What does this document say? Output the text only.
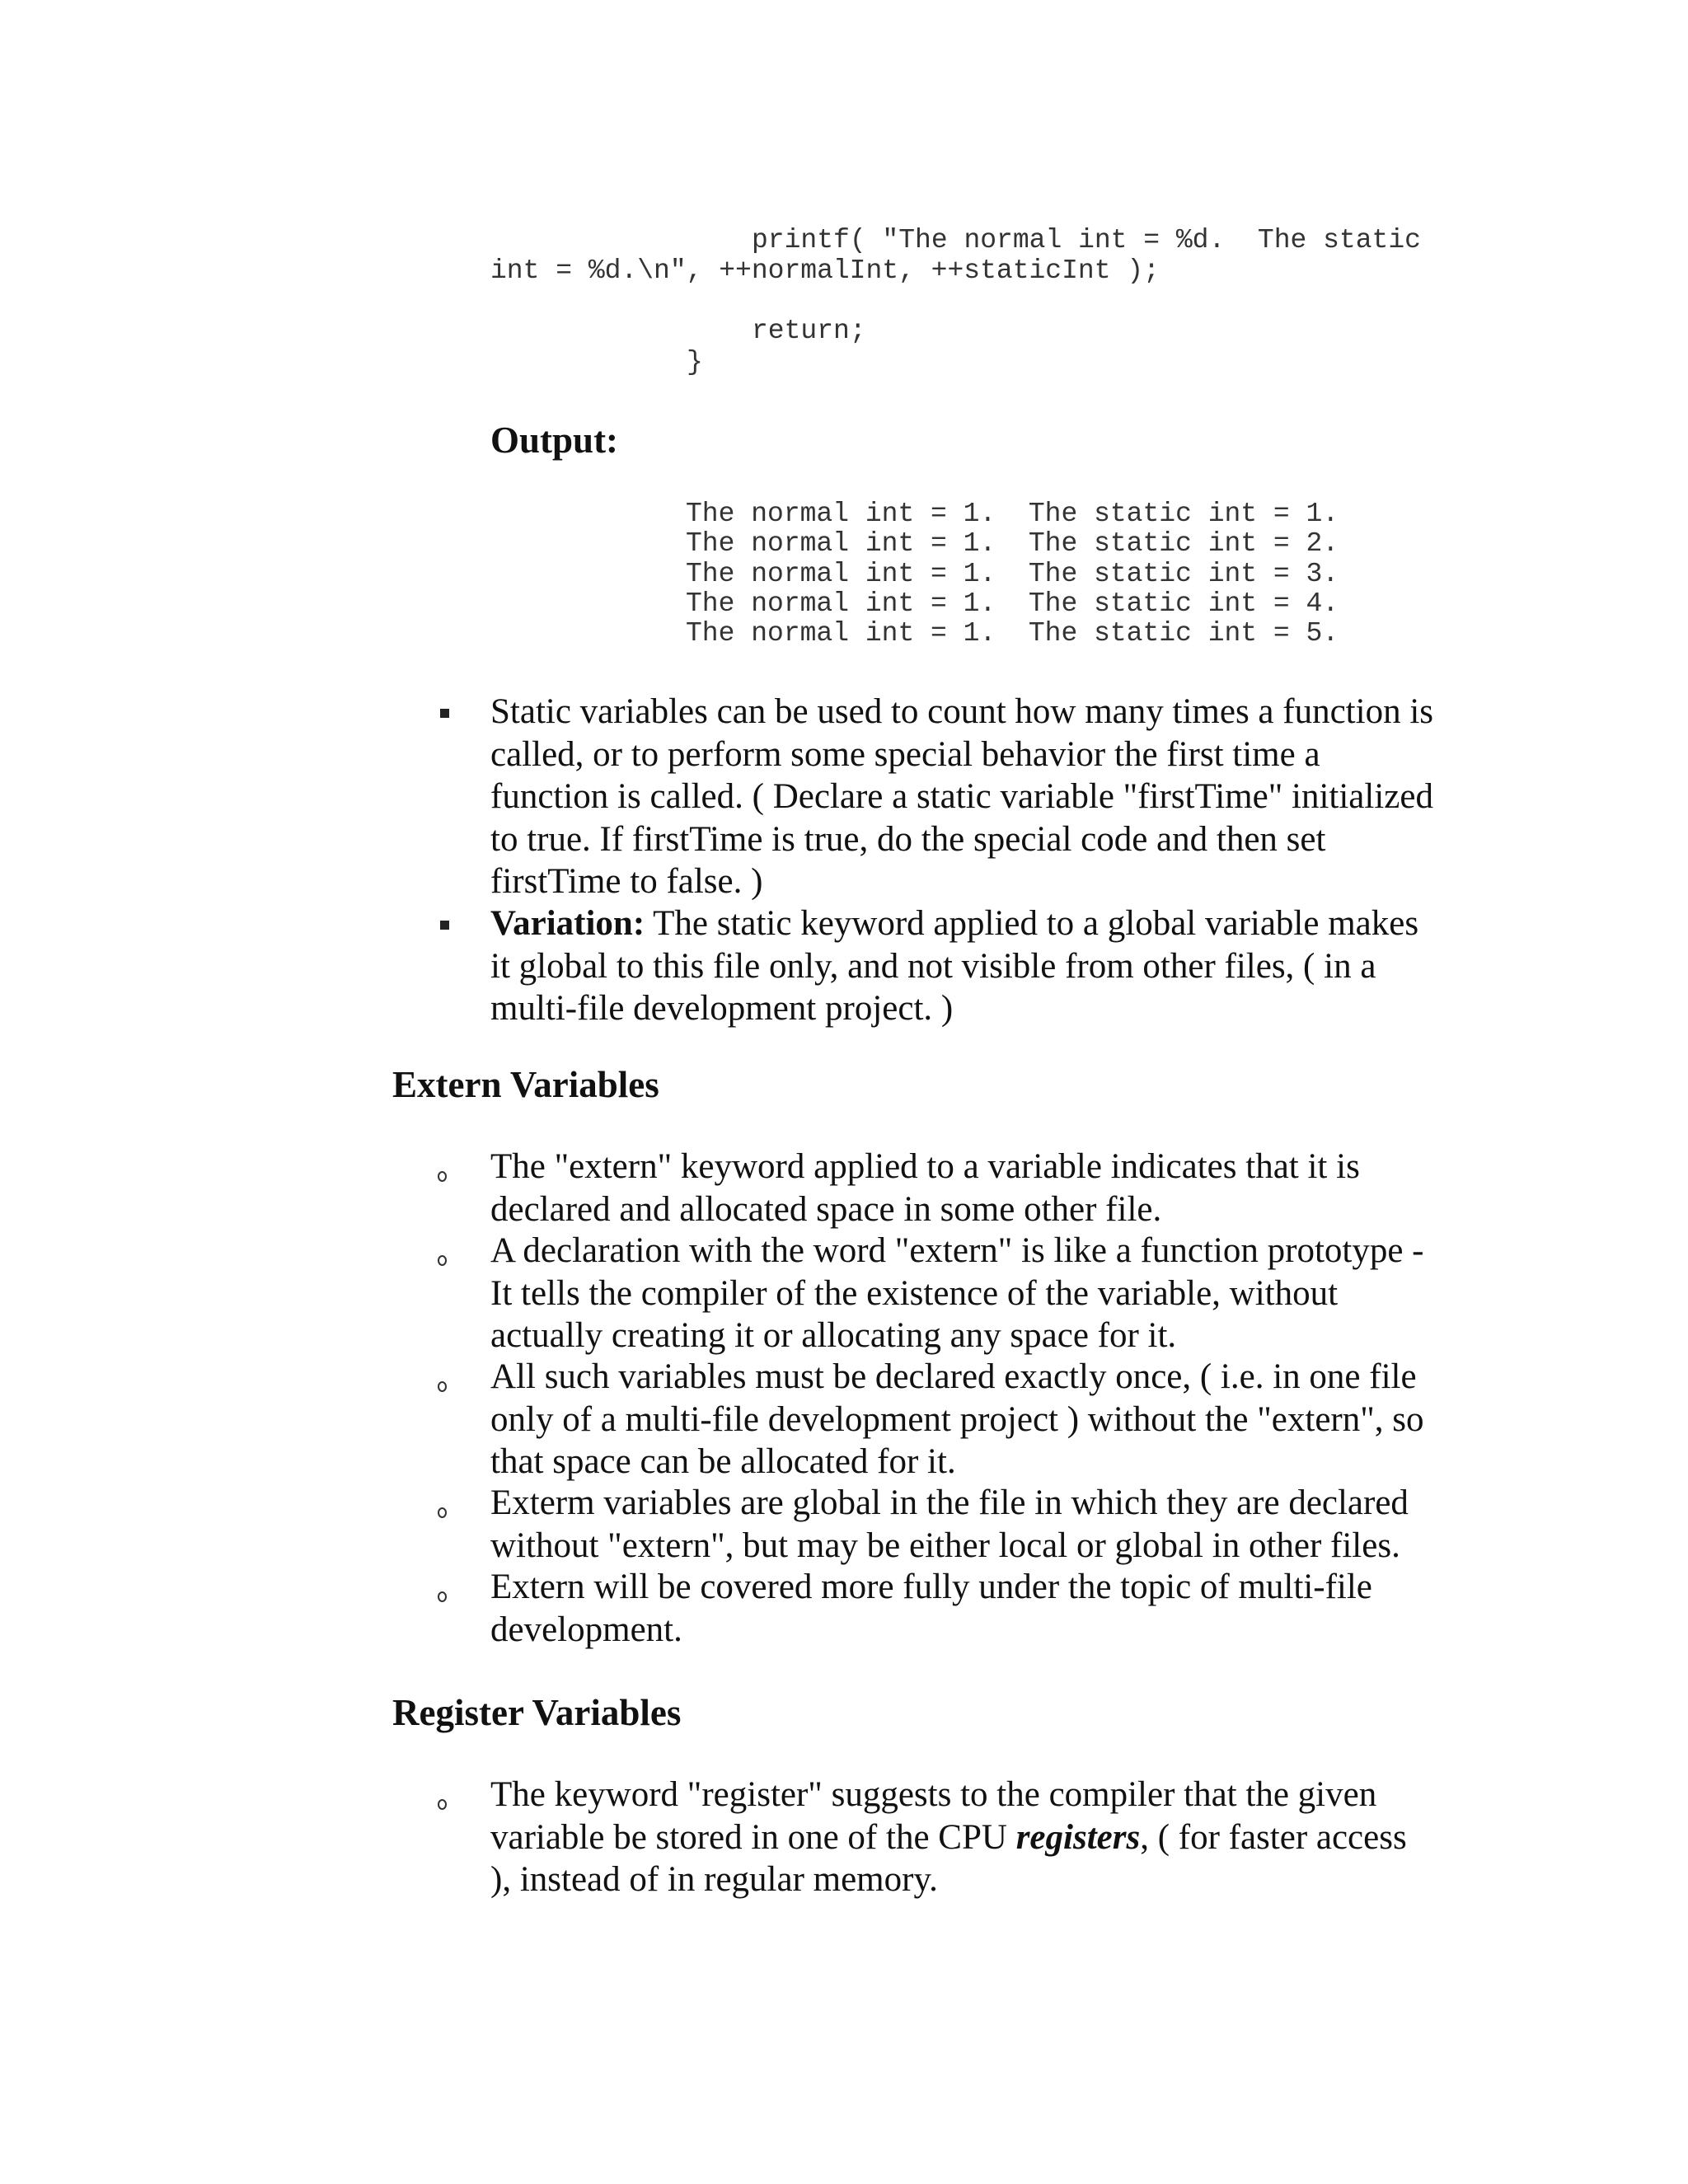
printf( "The normal int = %d.  The static
int = %d.\n", ++normalInt, ++staticInt );
return;
}
Output:
The normal int = 1.  The static int = 1.
The normal int = 1.  The static int = 2.
The normal int = 1.  The static int = 3.
The normal int = 1.  The static int = 4.
The normal int = 1.  The static int = 5.
Static variables can be used to count how many times a function is
called, or to perform some special behavior the first time a
function is called. ( Declare a static variable "firstTime" initialized
to true. If firstTime is true, do the special code and then set
firstTime to false. )
Variation: The static keyword applied to a global variable makes
it global to this file only, and not visible from other files, ( in a
multi-file development project. )
Extern Variables
The "extern" keyword applied to a variable indicates that it is
declared and allocated space in some other file.
A declaration with the word "extern" is like a function prototype -
It tells the compiler of the existence of the variable, without
actually creating it or allocating any space for it.
All such variables must be declared exactly once, ( i.e. in one file
only of a multi-file development project ) without the "extern", so
that space can be allocated for it.
Exterm variables are global in the file in which they are declared
without "extern", but may be either local or global in other files.
Extern will be covered more fully under the topic of multi-file
development.
Register Variables
The keyword "register" suggests to the compiler that the given
variable be stored in one of the CPU registers, ( for faster access
), instead of in regular memory.
